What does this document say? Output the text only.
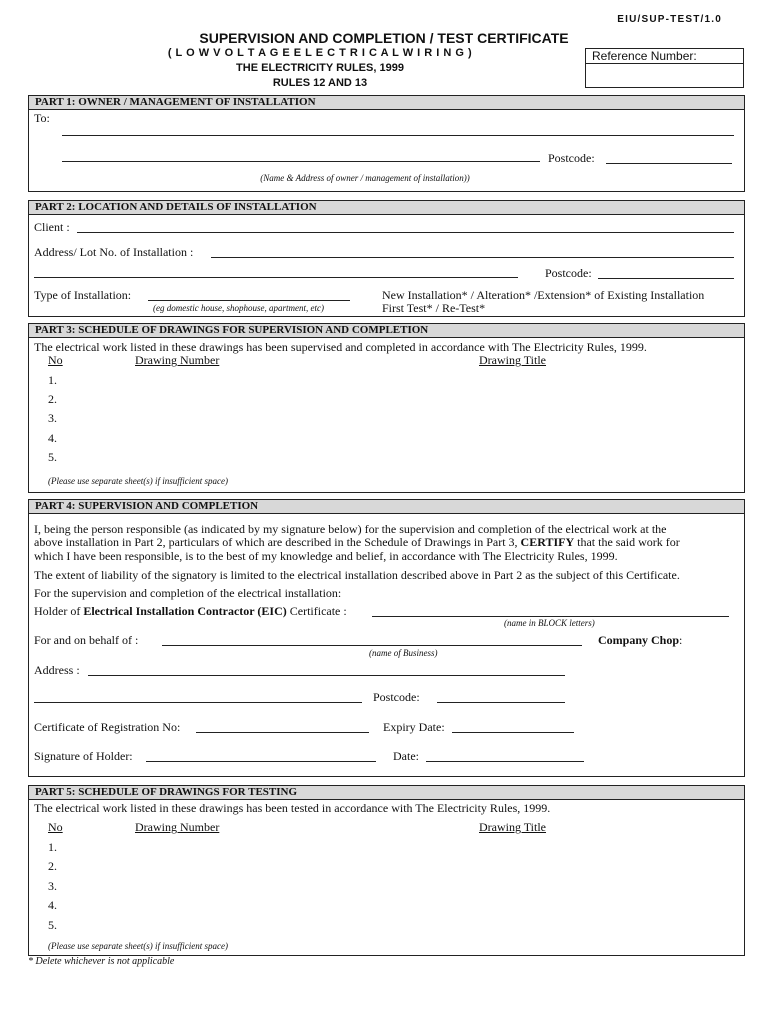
EIU/SUP-TEST/1.0
SUPERVISION AND COMPLETION / TEST CERTIFICATE
( L O W V O L T A G E E L E C T R I C A L W I R I N G )
THE ELECTRICITY RULES, 1999
RULES 12 AND 13
Reference Number:
PART 1: OWNER / MANAGEMENT OF INSTALLATION
To:
Postcode:
(Name & Address of owner / management of installation))
PART 2: LOCATION AND DETAILS OF INSTALLATION
Client :
Address/ Lot No. of Installation :
Postcode:
Type of Installation:
(eg domestic house, shophouse, apartment, etc)
New Installation* / Alteration* /Extension* of Existing Installation
First Test* / Re-Test*
PART 3: SCHEDULE OF DRAWINGS FOR SUPERVISION AND COMPLETION
The electrical work listed in these drawings has been supervised and completed in accordance with The Electricity Rules, 1999.
No	Drawing Number	Drawing Title
1.
2.
3.
4.
5.
(Please use separate sheet(s) if insufficient space)
PART 4: SUPERVISION AND COMPLETION
I, being the person responsible (as indicated by my signature below) for the supervision and completion of the electrical work at the
above installation in Part 2, particulars of which are described in the Schedule of Drawings in Part 3, CERTIFY that the said work for
which I have been responsible, is to the best of my knowledge and belief, in accordance with The Electricity Rules, 1999.
The extent of liability of the signatory is limited to the electrical installation described above in Part 2 as the subject of this Certificate.
For the supervision and completion of the electrical installation:
Holder of Electrical Installation Contractor (EIC) Certificate :
(name in BLOCK letters)
For and on behalf of :	Company Chop:
(name of Business)
Address :
Postcode:
Certificate of Registration No:	Expiry Date:
Signature of Holder:	Date:
PART 5: SCHEDULE OF DRAWINGS FOR TESTING
The electrical work listed in these drawings has been tested in accordance with The Electricity Rules, 1999.
No	Drawing Number	Drawing Title
1.
2.
3.
4.
5.
(Please use separate sheet(s) if insufficient space)
* Delete whichever is not applicable
